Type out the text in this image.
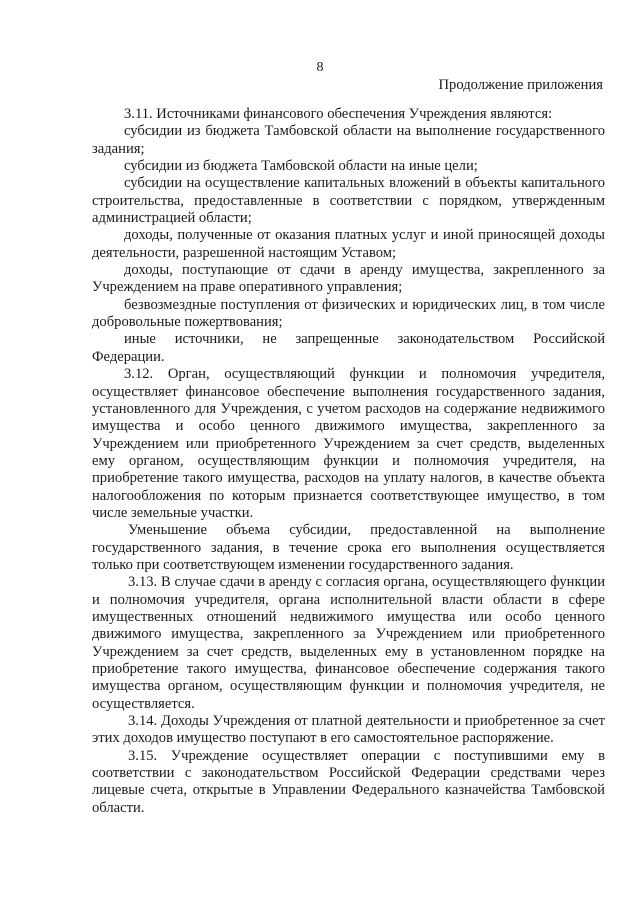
8
Продолжение приложения

3.11. Источниками финансового обеспечения Учреждения являются:

субсидии из бюджета Тамбовской области на выполнение государственного задания;

субсидии из бюджета Тамбовской области на иные цели;

субсидии на осуществление капитальных вложений в объекты капитального строительства, предоставленные в соответствии с порядком, утвержденным администрацией области;

доходы, полученные от оказания платных услуг и иной приносящей доходы деятельности, разрешенной настоящим Уставом;

доходы, поступающие от сдачи в аренду имущества, закрепленного за Учреждением на праве оперативного управления;

безвозмездные поступления от физических и юридических лиц, в том числе добровольные пожертвования;

иные источники, не запрещенные законодательством Российской Федерации.

3.12. Орган, осуществляющий функции и полномочия учредителя, осуществляет финансовое обеспечение выполнения государственного задания, установленного для Учреждения, с учетом расходов на содержание недвижимого имущества и особо ценного движимого имущества, закрепленного за Учреждением или приобретенного Учреждением за счет средств, выделенных ему органом, осуществляющим функции и полномочия учредителя, на приобретение такого имущества, расходов на уплату налогов, в качестве объекта налогообложения по которым признается соответствующее имущество, в том числе земельные участки.

Уменьшение объема субсидии, предоставленной на выполнение государственного задания, в течение срока его выполнения осуществляется только при соответствующем изменении государственного задания.

3.13. В случае сдачи в аренду с согласия органа, осуществляющего функции и полномочия учредителя, органа исполнительной власти области в сфере имущественных отношений недвижимого имущества или особо ценного движимого имущества, закрепленного за Учреждением или приобретенного Учреждением за счет средств, выделенных ему в установленном порядке на приобретение такого имущества, финансовое обеспечение содержания такого имущества органом, осуществляющим функции и полномочия учредителя, не осуществляется.

3.14. Доходы Учреждения от платной деятельности и приобретенное за счет этих доходов имущество поступают в его самостоятельное распоряжение.

3.15. Учреждение осуществляет операции с поступившими ему в соответствии с законодательством Российской Федерации средствами через лицевые счета, открытые в Управлении Федерального казначейства Тамбовской области.
